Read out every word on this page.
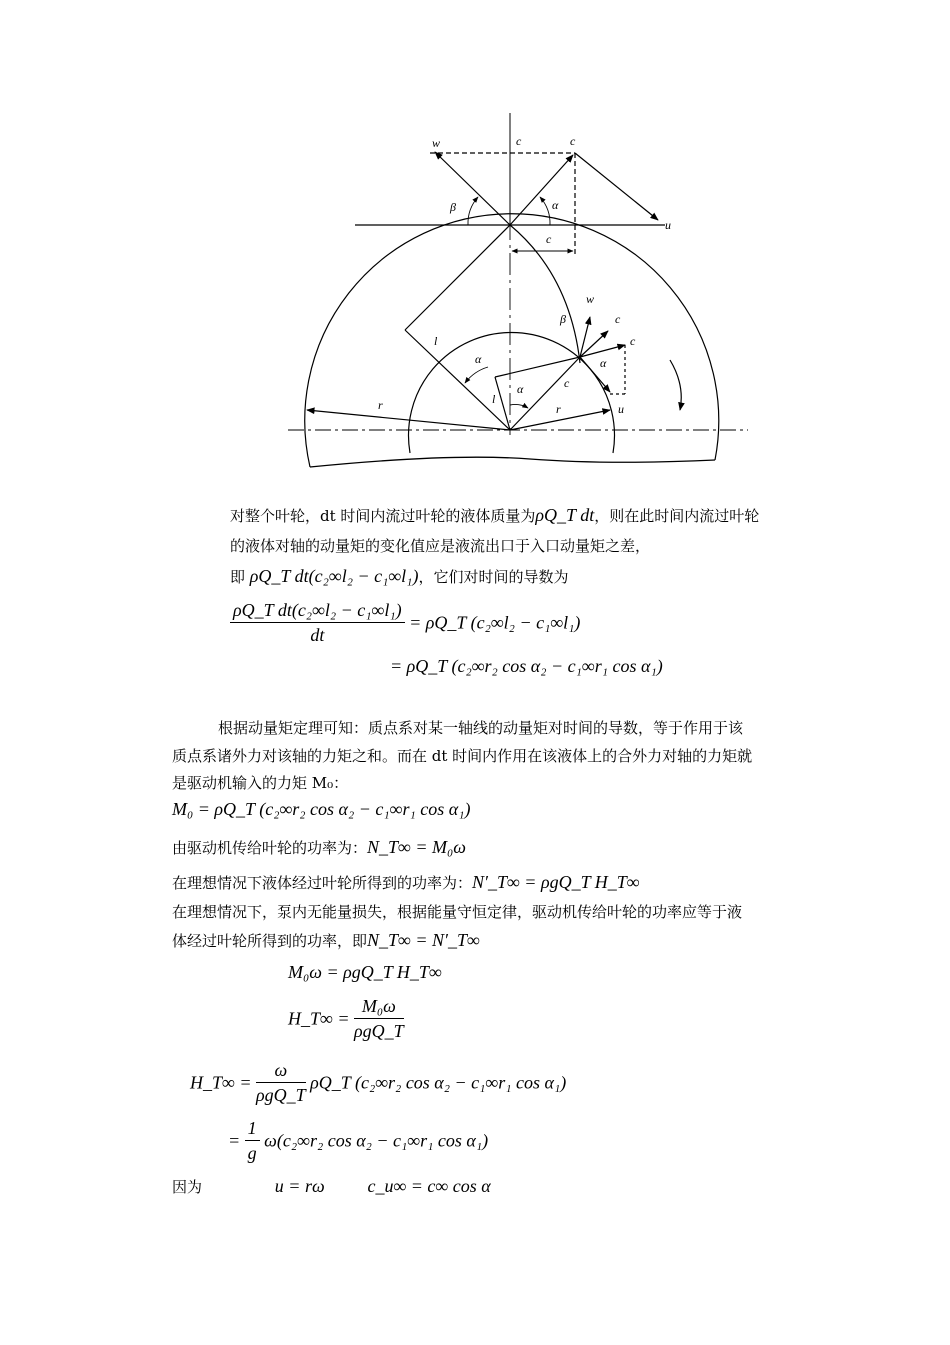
w	c	c
β	α
u
c
w
β	c
c
l
α
α
α
c
l
r	u
r
对整个叶轮，dt 时间内流过叶轮的液体质量为ρQ_T dt，则在此时间内流过叶轮
的液体对轴的动量矩的变化值应是液流出口于入口动量矩之差，
即 ρQ_T dt(c₂∞l₂ − c₁∞l₁)，它们对时间的导数为
$\frac{\text{ρQ\_T dt(c₂∞l₂ − c₁∞l₁)}}{dt}$ = ρQ_T (c₂∞l₂ − c₁∞l₁)
= ρQ_T (c₂∞r₂ cos α₂ − c₁∞r₁ cos α₁)
根据动量矩定理可知：质点系对某一轴线的动量矩对时间的导数，等于作用于该
质点系诸外力对该轴的力矩之和。而在 dt 时间内作用在该液体上的合外力对轴的力矩就
是驱动机输入的力矩 M₀：
M₀ = ρQ_T (c₂∞r₂ cos α₂ − c₁∞r₁ cos α₁)
由驱动机传给叶轮的功率为：N_T∞ = M₀ω
在理想情况下液体经过叶轮所得到的功率为：N′_T∞ = ρgQ_T H_T∞
在理想情况下，泵内无能量损失，根据能量守恒定律，驱动机传给叶轮的功率应等于液
体经过叶轮所得到的功率，即N_T∞ = N′_T∞
M₀ω = ρgQ_T H_T∞
H_T∞ = $\frac{\text{M₀ω}}{\text{ρgQ\_T}}$
H_T∞ = $\frac{\omega}{\text{ρgQ\_T}}$ ρQ_T (c₂∞r₂ cos α₂ − c₁∞r₁ cos α₁)
= $\frac{1}{g} \omega(c_2\infty r_2$ cos α₂ − c₁∞r₁ cos α₁)
因为	u = rω c_u∞ = c∞ cos α
